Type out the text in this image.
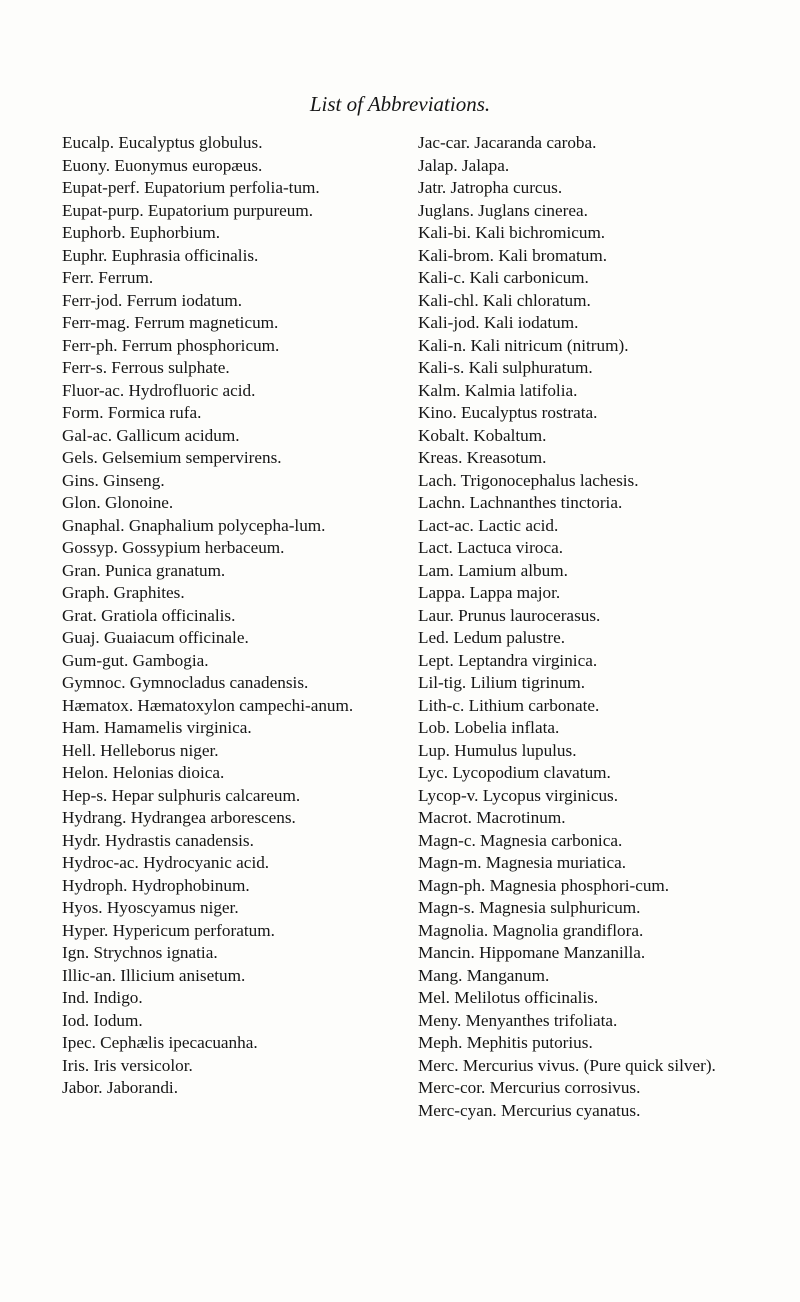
List of Abbreviations.

Eucalp. Eucalyptus globulus.

Euony. Euonymus europæus.

Eupat-perf. Eupatorium perfolia-tum.

Eupat-purp. Eupatorium purpureum.

Euphorb. Euphorbium.

Euphr. Euphrasia officinalis.

Ferr. Ferrum.

Ferr-jod. Ferrum iodatum.

Ferr-mag. Ferrum magneticum.

Ferr-ph. Ferrum phosphoricum.

Ferr-s. Ferrous sulphate.

Fluor-ac. Hydrofluoric acid.

Form. Formica rufa.

Gal-ac. Gallicum acidum.

Gels. Gelsemium sempervirens.

Gins. Ginseng.

Glon. Glonoine.

Gnaphal. Gnaphalium polycepha-lum.

Gossyp. Gossypium herbaceum.

Gran. Punica granatum.

Graph. Graphites.

Grat. Gratiola officinalis.

Guaj. Guaiacum officinale.

Gum-gut. Gambogia.

Gymnoc. Gymnocladus canadensis.

Hæmatox. Hæmatoxylon campechi-anum.

Ham. Hamamelis virginica.

Hell. Helleborus niger.

Helon. Helonias dioica.

Hep-s. Hepar sulphuris calcareum.

Hydrang. Hydrangea arborescens.

Hydr. Hydrastis canadensis.

Hydroc-ac. Hydrocyanic acid.

Hydroph. Hydrophobinum.

Hyos. Hyoscyamus niger.

Hyper. Hypericum perforatum.

Ign. Strychnos ignatia.

Illic-an. Illicium anisetum.

Ind. Indigo.

Iod. Iodum.

Ipec. Cephælis ipecacuanha.

Iris. Iris versicolor.

Jabor. Jaborandi.

Jac-car. Jacaranda caroba.

Jalap. Jalapa.

Jatr. Jatropha curcus.

Juglans. Juglans cinerea.

Kali-bi. Kali bichromicum.

Kali-brom. Kali bromatum.

Kali-c. Kali carbonicum.

Kali-chl. Kali chloratum.

Kali-jod. Kali iodatum.

Kali-n. Kali nitricum (nitrum).

Kali-s. Kali sulphuratum.

Kalm. Kalmia latifolia.

Kino. Eucalyptus rostrata.

Kobalt. Kobaltum.

Kreas. Kreasotum.

Lach. Trigonocephalus lachesis.

Lachn. Lachnanthes tinctoria.

Lact-ac. Lactic acid.

Lact. Lactuca viroca.

Lam. Lamium album.

Lappa. Lappa major.

Laur. Prunus laurocerasus.

Led. Ledum palustre.

Lept. Leptandra virginica.

Lil-tig. Lilium tigrinum.

Lith-c. Lithium carbonate.

Lob. Lobelia inflata.

Lup. Humulus lupulus.

Lyc. Lycopodium clavatum.

Lycop-v. Lycopus virginicus.

Macrot. Macrotinum.

Magn-c. Magnesia carbonica.

Magn-m. Magnesia muriatica.

Magn-ph. Magnesia phosphori-cum.

Magn-s. Magnesia sulphuricum.

Magnolia. Magnolia grandiflora.

Mancin. Hippomane Manzanilla.

Mang. Manganum.

Mel. Melilotus officinalis.

Meny. Menyanthes trifoliata.

Meph. Mephitis putorius.

Merc. Mercurius vivus. (Pure quick silver).

Merc-cor. Mercurius corrosivus.

Merc-cyan. Mercurius cyanatus.
